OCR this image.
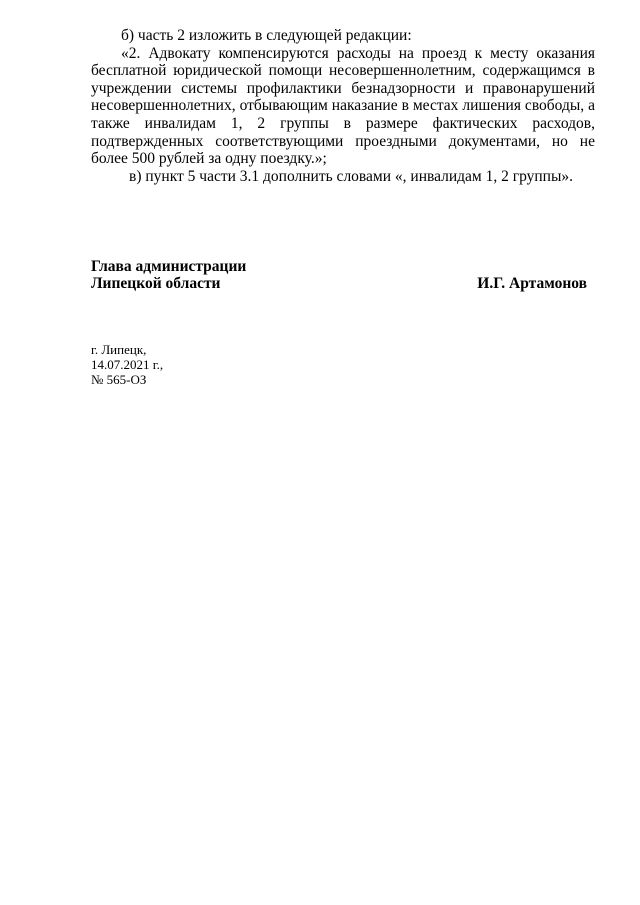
б) часть 2 изложить в следующей редакции:

«2. Адвокату компенсируются расходы на проезд к месту оказания бесплатной юридической помощи несовершеннолетним, содержащимся в учреждении системы профилактики безнадзорности и правонарушений несовершеннолетних, отбывающим наказание в местах лишения свободы, а также инвалидам 1, 2 группы в размере фактических расходов, подтвержденных соответствующими проездными документами, но не более 500 рублей за одну поездку.»;

в) пункт 5 части 3.1 дополнить словами «, инвалидам 1, 2 группы».

Глава администрации
Липецкой области	И.Г. Артамонов
г. Липецк,
14.07.2021 г.,
№ 565-ОЗ
